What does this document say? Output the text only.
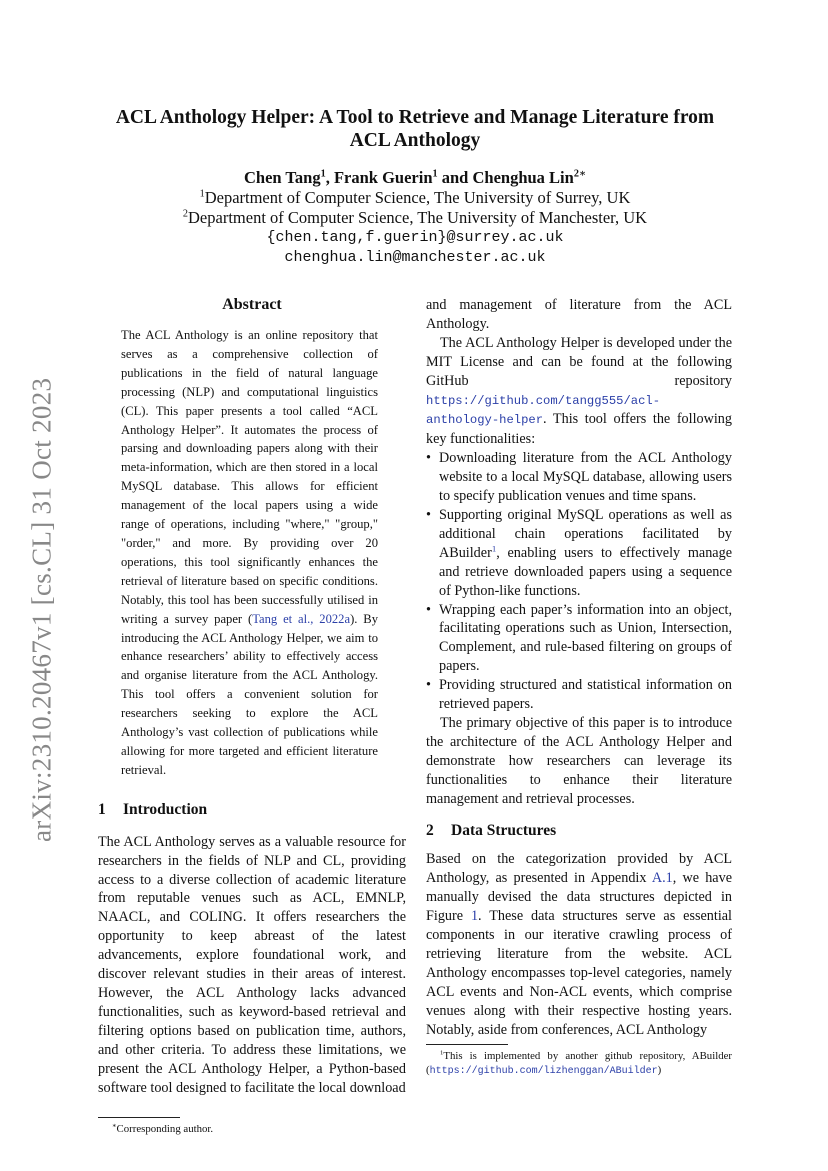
arXiv:2310.20467v1 [cs.CL] 31 Oct 2023
ACL Anthology Helper: A Tool to Retrieve and Manage Literature from ACL Anthology
Chen Tang$^1$, Frank Guerin$^1$ and Chenghua Lin$^{2∗}$
$^1$Department of Computer Science, The University of Surrey, UK
$^2$Department of Computer Science, The University of Manchester, UK
{chen.tang,f.guerin}@surrey.ac.uk
chenghua.lin@manchester.ac.uk
Abstract
The ACL Anthology is an online repository that serves as a comprehensive collection of publications in the field of natural language processing (NLP) and computational linguistics (CL). This paper presents a tool called “ACL Anthology Helper”. It automates the process of parsing and downloading papers along with their meta-information, which are then stored in a local MySQL database. This allows for efficient management of the local papers using a wide range of operations, including "where," "group," "order," and more. By providing over 20 operations, this tool significantly enhances the retrieval of literature based on specific conditions. Notably, this tool has been successfully utilised in writing a survey paper (Tang et al., 2022a). By introducing the ACL Anthology Helper, we aim to enhance researchers’ ability to effectively access and organise literature from the ACL Anthology. This tool offers a convenient solution for researchers seeking to explore the ACL Anthology’s vast collection of publications while allowing for more targeted and efficient literature retrieval.
1 Introduction

The ACL Anthology serves as a valuable resource for researchers in the fields of NLP and CL, providing access to a diverse collection of academic literature from reputable venues such as ACL, EMNLP, NAACL, and COLING. It offers researchers the opportunity to keep abreast of the latest advancements, explore foundational work, and discover relevant studies in their areas of interest. However, the ACL Anthology lacks advanced functionalities, such as keyword-based retrieval and filtering options based on publication time, authors, and other criteria. To address these limitations, we present the ACL Anthology Helper, a Python-based software tool designed to facilitate the local download

∗Corresponding author.

and management of literature from the ACL Anthology.

The ACL Anthology Helper is developed under the MIT License and can be found at the following GitHub repository https://github.com/tangg555/acl-anthology-helper. This tool offers the following key functionalities:

• Downloading literature from the ACL Anthology website to a local MySQL database, allowing users to specify publication venues and time spans.
• Supporting original MySQL operations as well as additional chain operations facilitated by ABuilder$^1$, enabling users to effectively manage and retrieve downloaded papers using a sequence of Python-like functions.
• Wrapping each paper’s information into an object, facilitating operations such as Union, Intersection, Complement, and rule-based filtering on groups of papers.
• Providing structured and statistical information on retrieved papers.

The primary objective of this paper is to introduce the architecture of the ACL Anthology Helper and demonstrate how researchers can leverage its functionalities to enhance their literature management and retrieval processes.

2 Data Structures

Based on the categorization provided by ACL Anthology, as presented in Appendix A.1, we have manually devised the data structures depicted in Figure 1. These data structures serve as essential components in our iterative crawling process of retrieving literature from the website. ACL Anthology encompasses top-level categories, namely ACL events and Non-ACL events, which comprise venues along with their respective hosting years. Notably, aside from conferences, ACL Anthology

$^1$This is implemented by another github repository, ABuilder (https://github.com/lizhenggan/ABuilder)
